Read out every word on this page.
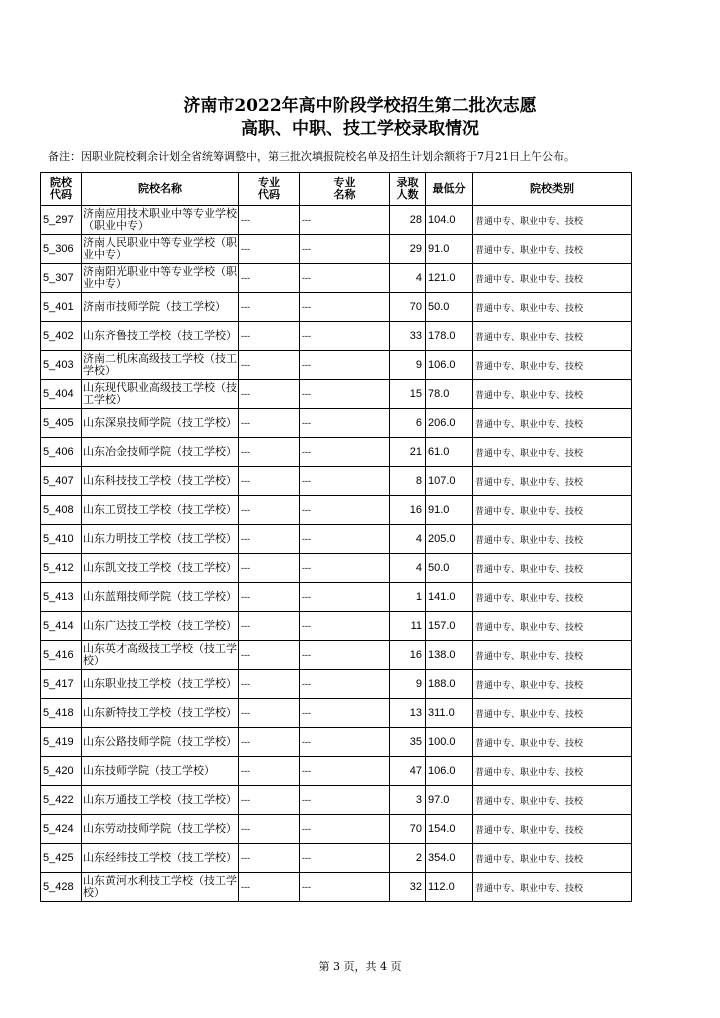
济南市2022年高中阶段学校招生第二批次志愿
高职、中职、技工学校录取情况
备注：因职业院校剩余计划全省统筹调整中，第三批次填报院校名单及招生计划余额将于7月21日上午公布。
院校代码	院校名称	专业代码	专业名称	录取人数	最低分	院校类别
5_297	济南应用技术职业中等专业学校（职业中专）	---	---	28	104.0	普通中专、职业中专、技校
5_306	济南人民职业中等专业学校（职业中专）	---	---	29	91.0	普通中专、职业中专、技校
5_307	济南阳光职业中等专业学校（职业中专）	---	---	4	121.0	普通中专、职业中专、技校
5_401	济南市技师学院（技工学校）	---	---	70	50.0	普通中专、职业中专、技校
5_402	山东齐鲁技工学校（技工学校）	---	---	33	178.0	普通中专、职业中专、技校
5_403	济南二机床高级技工学校（技工学校）	---	---	9	106.0	普通中专、职业中专、技校
5_404	山东现代职业高级技工学校（技工学校）	---	---	15	78.0	普通中专、职业中专、技校
5_405	山东深泉技师学院（技工学校）	---	---	6	206.0	普通中专、职业中专、技校
5_406	山东冶金技师学院（技工学校）	---	---	21	61.0	普通中专、职业中专、技校
5_407	山东科技技工学校（技工学校）	---	---	8	107.0	普通中专、职业中专、技校
5_408	山东工贸技工学校（技工学校）	---	---	16	91.0	普通中专、职业中专、技校
5_410	山东力明技工学校（技工学校）	---	---	4	205.0	普通中专、职业中专、技校
5_412	山东凯文技工学校（技工学校）	---	---	4	50.0	普通中专、职业中专、技校
5_413	山东蓝翔技师学院（技工学校）	---	---	1	141.0	普通中专、职业中专、技校
5_414	山东广达技工学校（技工学校）	---	---	11	157.0	普通中专、职业中专、技校
5_416	山东英才高级技工学校（技工学校）	---	---	16	138.0	普通中专、职业中专、技校
5_417	山东职业技工学校（技工学校）	---	---	9	188.0	普通中专、职业中专、技校
5_418	山东新特技工学校（技工学校）	---	---	13	311.0	普通中专、职业中专、技校
5_419	山东公路技师学院（技工学校）	---	---	35	100.0	普通中专、职业中专、技校
5_420	山东技师学院（技工学校）	---	---	47	106.0	普通中专、职业中专、技校
5_422	山东万通技工学校（技工学校）	---	---	3	97.0	普通中专、职业中专、技校
5_424	山东劳动技师学院（技工学校）	---	---	70	154.0	普通中专、职业中专、技校
5_425	山东经纬技工学校（技工学校）	---	---	2	354.0	普通中专、职业中专、技校
5_428	山东黄河水利技工学校（技工学校）	---	---	32	112.0	普通中专、职业中专、技校
第 3 页，共 4 页
